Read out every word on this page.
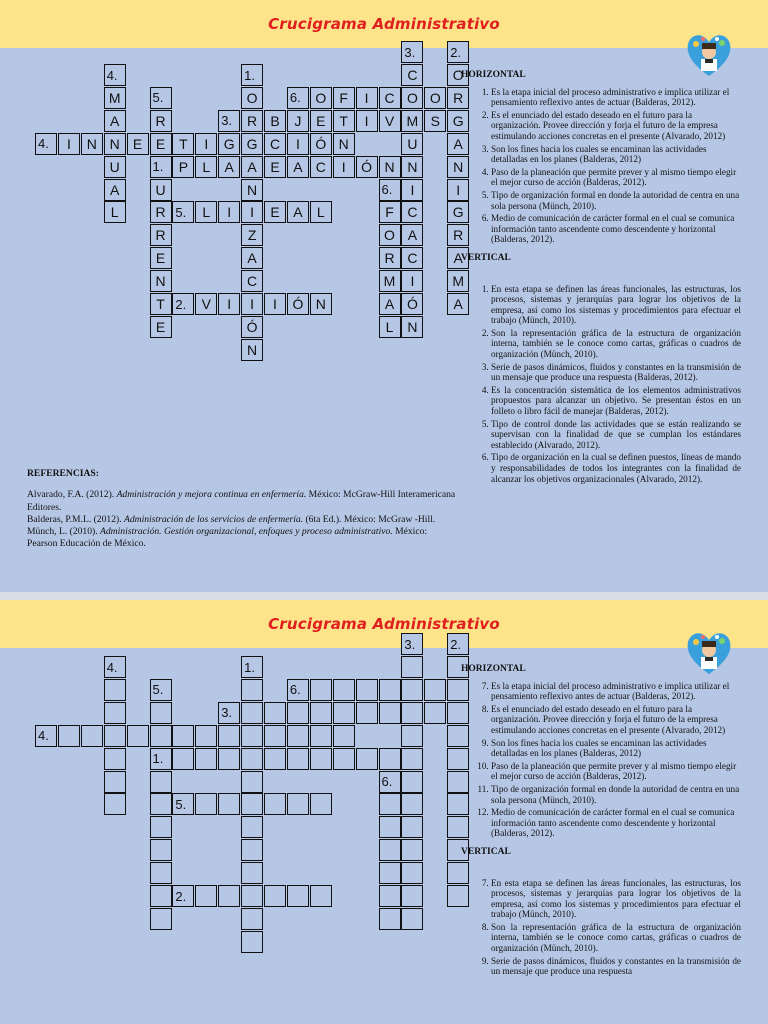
Crucigrama Administrativo
1.	P	L	A A E A C	I	Ó N
2.	V	I	I	I	Ó N
3.	R B	J	E T	I	V M S
4.	I	N N E E T	I	G G C	I	Ó N
5.	L	I	I	E A	L
6.	O F	I	C O O R
1.
O
N
Z
A
C
Ó
N
2.
O
G
A
N
I
G
R
A
M
A
3.
C
U
N
I
C
A
C
I
Ó
N
4.
M
A
U
A
L
5.
R
U
R
R
E
N
T
E
6.
F
O
R
M
A
L

HORIZONTAL

1. Es la etapa inicial del proceso administrativo e implica utilizar el pensamiento reflexivo antes de actuar (Balderas, 2012).
2. Es el enunciado del estado deseado en el futuro para la organización. Provee dirección y forja el futuro de la empresa estimulando acciones concretas en el presente (Alvarado, 2012)
3. Son los fines hacia los cuales se encaminan las actividades detalladas en los planes (Balderas, 2012)
4. Paso de la planeación que permite prever y al mismo tiempo elegir el mejor curso de acción (Balderas, 2012).
5. Tipo de organización formal en donde la autoridad de centra en una sola persona (Münch, 2010).
6. Medio de comunicación de carácter formal en el cual se comunica información tanto ascendente como descendente y horizontal (Balderas, 2012).

VERTICAL

1. En esta etapa se definen las áreas funcionales, las estructuras, los procesos, sistemas y jerarquías para lograr los objetivos de la empresa, así como los sistemas y procedimientos para efectuar el trabajo (Münch, 2010).
2. Son la representación gráfica de la estructura de organización interna, también se le conoce como cartas, gráficas o cuadros de organización (Münch, 2010).
3. Serie de pasos dinámicos, fluidos y constantes en la transmisión de un mensaje que produce una respuesta (Balderas, 2012).
4. Es la concentración sistemática de los elementos administrativos propuestos para alcanzar un objetivo. Se presentan éstos en un folleto o libro fácil de manejar (Balderas, 2012).
5. Tipo de control donde las actividades que se están realizando se supervisan con la finalidad de que se cumplan los estándares establecido (Alvarado, 2012).
6. Tipo de organización en la cual se definen puestos, líneas de mando y responsabilidades de todos los integrantes con la finalidad de alcanzar los objetivos organizacionales (Alvarado, 2012).
REFERENCIAS:

Alvarado, F.A. (2012). Administración y mejora continua en enfermería. México: McGraw-Hill Interamericana Editores.

Balderas, P.M.L. (2012). Administración de los servicios de enfermería. (6ta Ed.). México: McGraw -Hill.

Münch, L. (2010). Administración. Gestión organizacional, enfoques y proceso administrativo. México: Pearson Educación de México.

Crucigrama Administrativo
1.
2.
3.
4.
5.
6.
1.
2.
3.
4.
5.
6.

HORIZONTAL

7. Es la etapa inicial del proceso administrativo e implica utilizar el pensamiento reflexivo antes de actuar (Balderas, 2012).
8. Es el enunciado del estado deseado en el futuro para la organización. Provee dirección y forja el futuro de la empresa estimulando acciones concretas en el presente (Alvarado, 2012)
9. Son los fines hacia los cuales se encaminan las actividades detalladas en los planes (Balderas, 2012)
10. Paso de la planeación que permite prever y al mismo tiempo elegir el mejor curso de acción (Balderas, 2012).
11. Tipo de organización formal en donde la autoridad de centra en una sola persona (Münch, 2010).
12. Medio de comunicación de carácter formal en el cual se comunica información tanto ascendente como descendente y horizontal (Balderas, 2012).

VERTICAL

7. En esta etapa se definen las áreas funcionales, las estructuras, los procesos, sistemas y jerarquías para lograr los objetivos de la empresa, así como los sistemas y procedimientos para efectuar el trabajo (Münch, 2010).
8. Son la representación gráfica de la estructura de organización interna, también se le conoce como cartas, gráficas o cuadros de organización (Münch, 2010).
9. Serie de pasos dinámicos, fluidos y constantes en la transmisión de un mensaje que produce una respuesta
